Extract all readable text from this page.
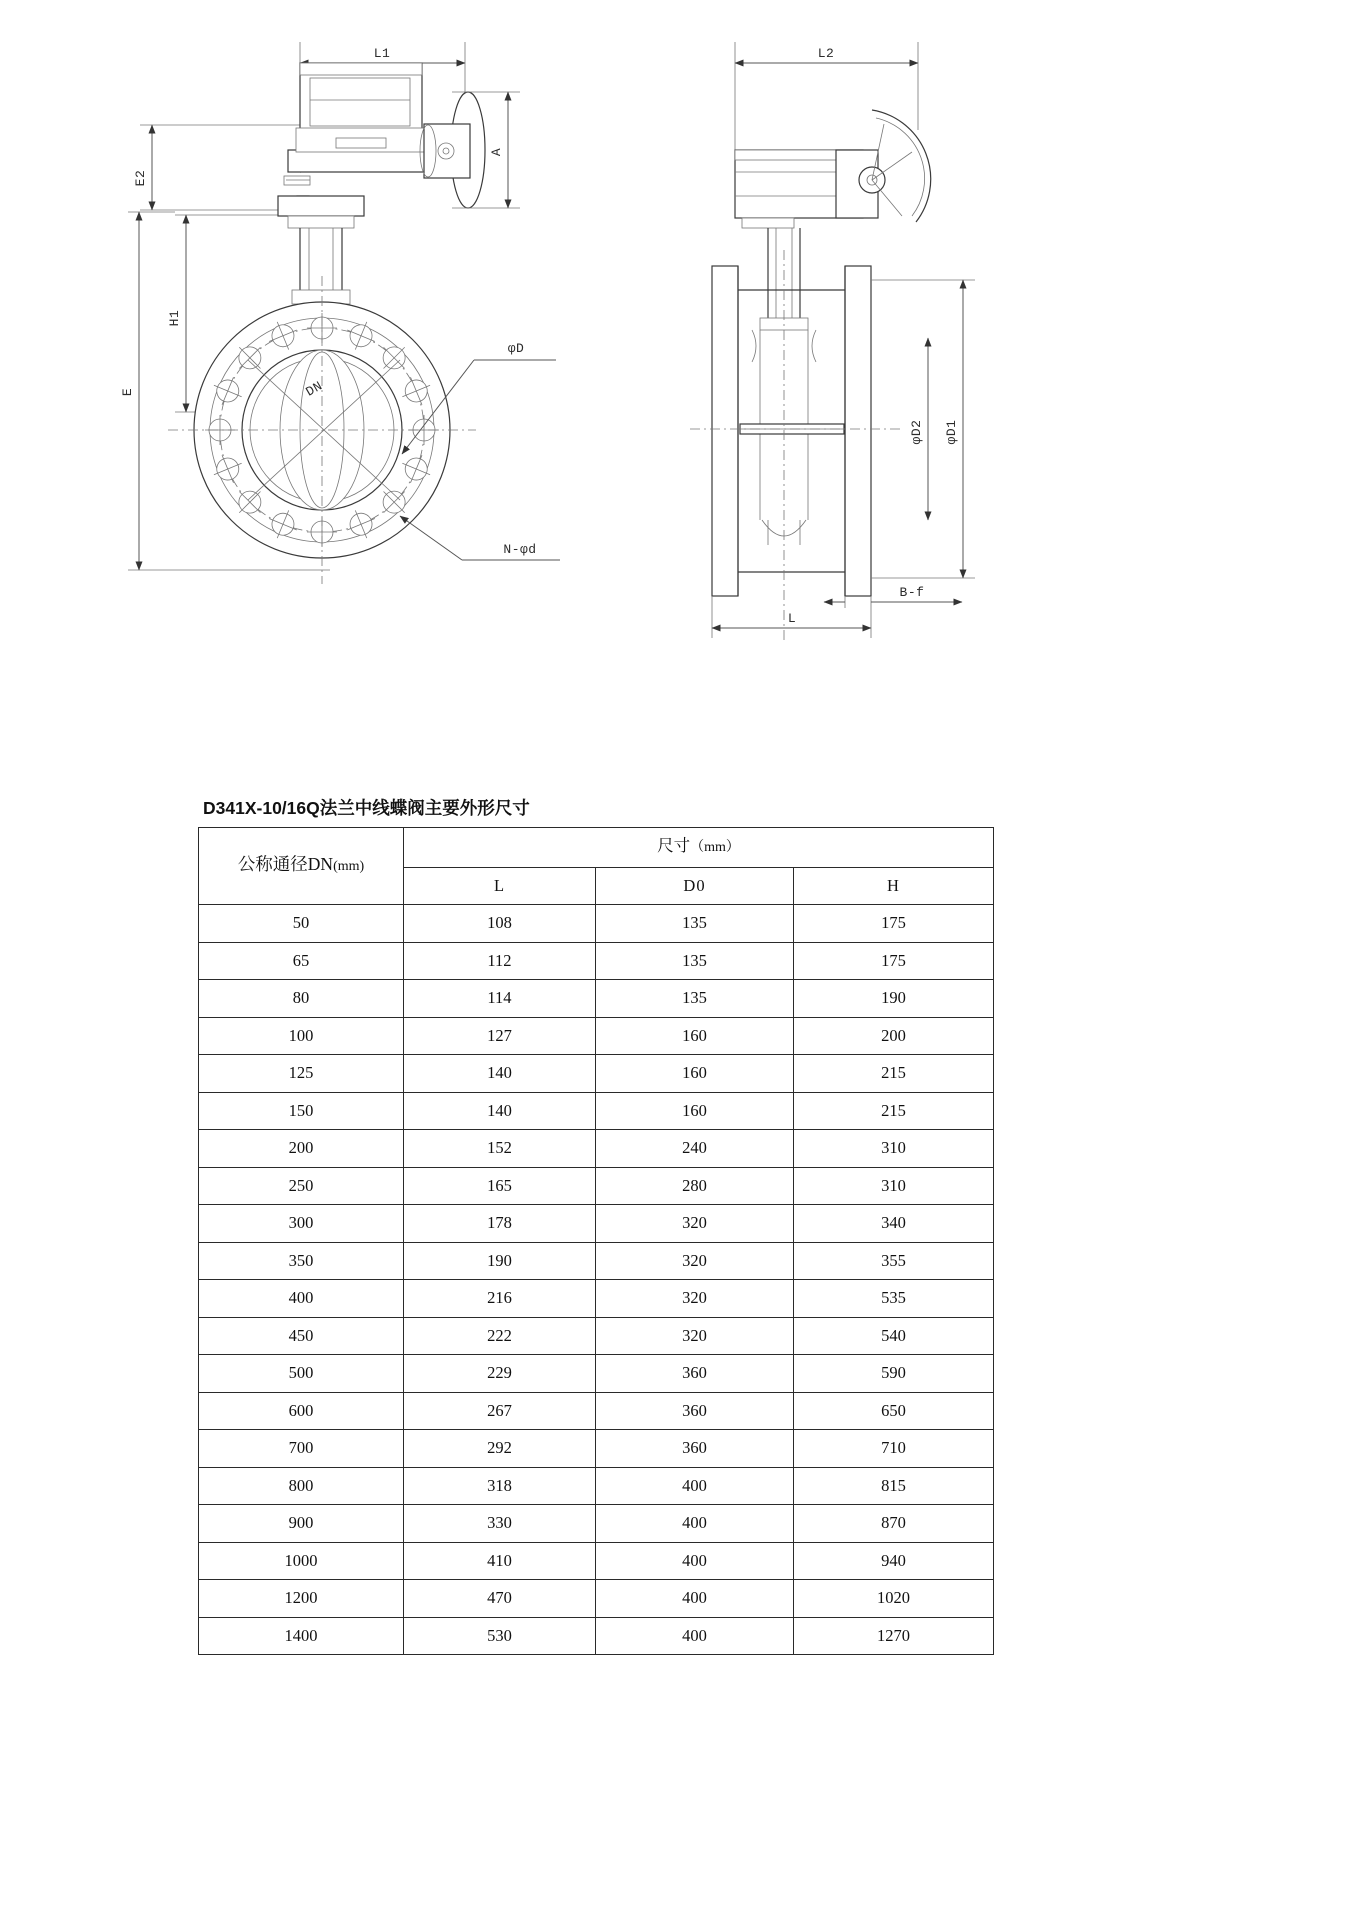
L1
E2
H1
E
A
φD
DN
N-φd
L2
φD2 φD1
B-f
L
D341X-10/16Q法兰中线蝶阀主要外形尺寸
公称通径DN(mm)	尺寸（mm）		
	L	D0	H
50	108	135	175
65	112	135	175
80	114	135	190
100	127	160	200
125	140	160	215
150	140	160	215
200	152	240	310
250	165	280	310
300	178	320	340
350	190	320	355
400	216	320	535
450	222	320	540
500	229	360	590
600	267	360	650
700	292	360	710
800	318	400	815
900	330	400	870
1000	410	400	940
1200	470	400	1020
1400	530	400	1270
